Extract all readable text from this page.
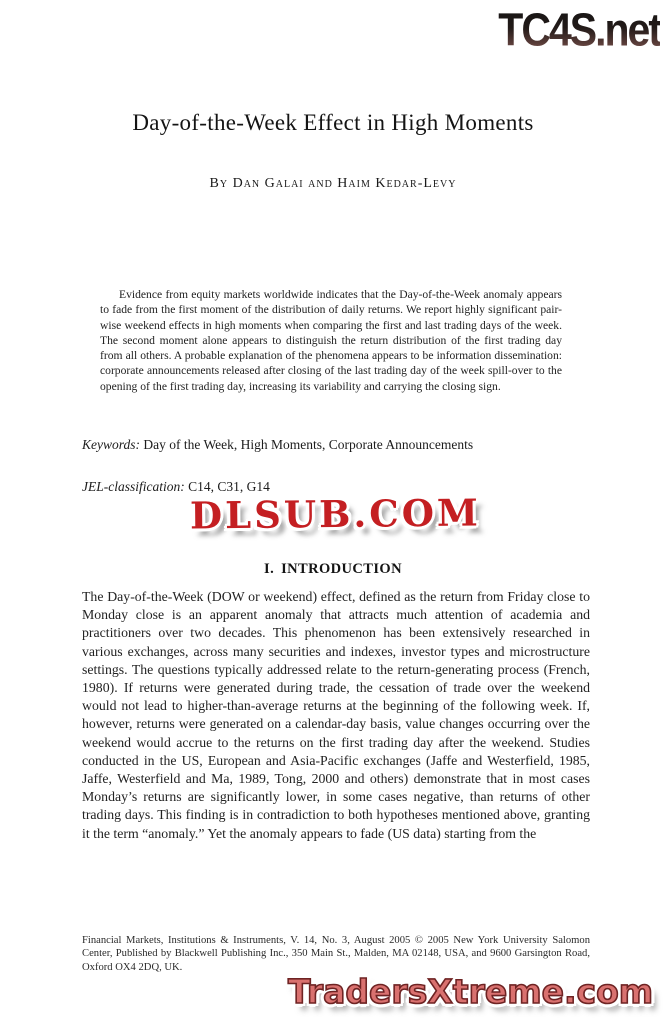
TC4S.net
Day-of-the-Week Effect in High Moments
By Dan Galai and Haim Kedar-Levy
Evidence from equity markets worldwide indicates that the Day-of-the-Week anomaly appears to fade from the first moment of the distribution of daily returns. We report highly significant pair-wise weekend effects in high moments when comparing the first and last trading days of the week. The second moment alone appears to distinguish the return distribution of the first trading day from all others. A probable explanation of the phenomena appears to be information dissemination: corporate announcements released after closing of the last trading day of the week spill-over to the opening of the first trading day, increasing its variability and carrying the closing sign.
Keywords: Day of the Week, High Moments, Corporate Announcements
JEL-classification: C14, C31, G14
DLSUB.COM
I. INTRODUCTION
The Day-of-the-Week (DOW or weekend) effect, defined as the return from Friday close to Monday close is an apparent anomaly that attracts much attention of academia and practitioners over two decades. This phenomenon has been extensively researched in various exchanges, across many securities and indexes, investor types and microstructure settings. The questions typically addressed relate to the return-generating process (French, 1980). If returns were generated during trade, the cessation of trade over the weekend would not lead to higher-than-average returns at the beginning of the following week. If, however, returns were generated on a calendar-day basis, value changes occurring over the weekend would accrue to the returns on the first trading day after the weekend. Studies conducted in the US, European and Asia-Pacific exchanges (Jaffe and Westerfield, 1985, Jaffe, Westerfield and Ma, 1989, Tong, 2000 and others) demonstrate that in most cases Monday’s returns are significantly lower, in some cases negative, than returns of other trading days. This finding is in contradiction to both hypotheses mentioned above, granting it the term “anomaly.” Yet the anomaly appears to fade (US data) starting from the
Financial Markets, Institutions & Instruments, V. 14, No. 3, August 2005 © 2005 New York University Salomon Center, Published by Blackwell Publishing Inc., 350 Main St., Malden, MA 02148, USA, and 9600 Garsington Road, Oxford OX4 2DQ, UK.
TradersXtreme.com
